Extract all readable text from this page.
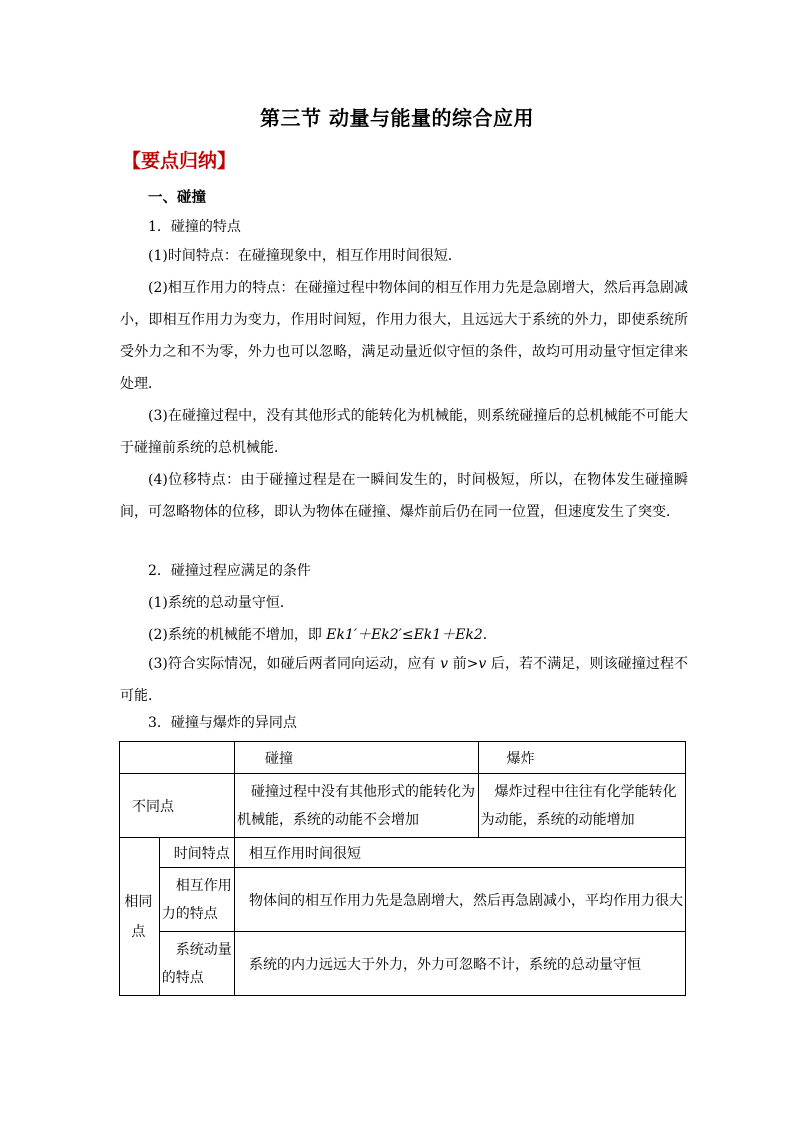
第三节 动量与能量的综合应用
【要点归纳】
一、碰撞
1．碰撞的特点
(1)时间特点：在碰撞现象中，相互作用时间很短．
(2)相互作用力的特点：在碰撞过程中物体间的相互作用力先是急剧增大，然后再急剧减小，即相互作用力为变力，作用时间短，作用力很大，且远远大于系统的外力，即使系统所受外力之和不为零，外力也可以忽略，满足动量近似守恒的条件，故均可用动量守恒定律来处理．
(3)在碰撞过程中，没有其他形式的能转化为机械能，则系统碰撞后的总机械能不可能大于碰撞前系统的总机械能．
(4)位移特点：由于碰撞过程是在一瞬间发生的，时间极短，所以，在物体发生碰撞瞬间，可忽略物体的位移，即认为物体在碰撞、爆炸前后仍在同一位置，但速度发生了突变．
2．碰撞过程应满足的条件
(1)系统的总动量守恒．
(2)系统的机械能不增加，即 Ek1′＋Ek2′≤Ek1＋Ek2.
(3)符合实际情况，如碰后两者同向运动，应有 v 前>v 后，若不满足，则该碰撞过程不可能．
3．碰撞与爆炸的异同点
		碰撞	爆炸
不同点		碰撞过程中没有其他形式的能转化为机械能，系统的动能不会增加	爆炸过程中往往有化学能转化为动能，系统的动能增加
相同点	时间特点	相互作用时间很短	
	相互作用力的特点	物体间的相互作用力先是急剧增大，然后再急剧减小，平均作用力很大	
	系统动量的特点	系统的内力远远大于外力，外力可忽略不计，系统的总动量守恒	
